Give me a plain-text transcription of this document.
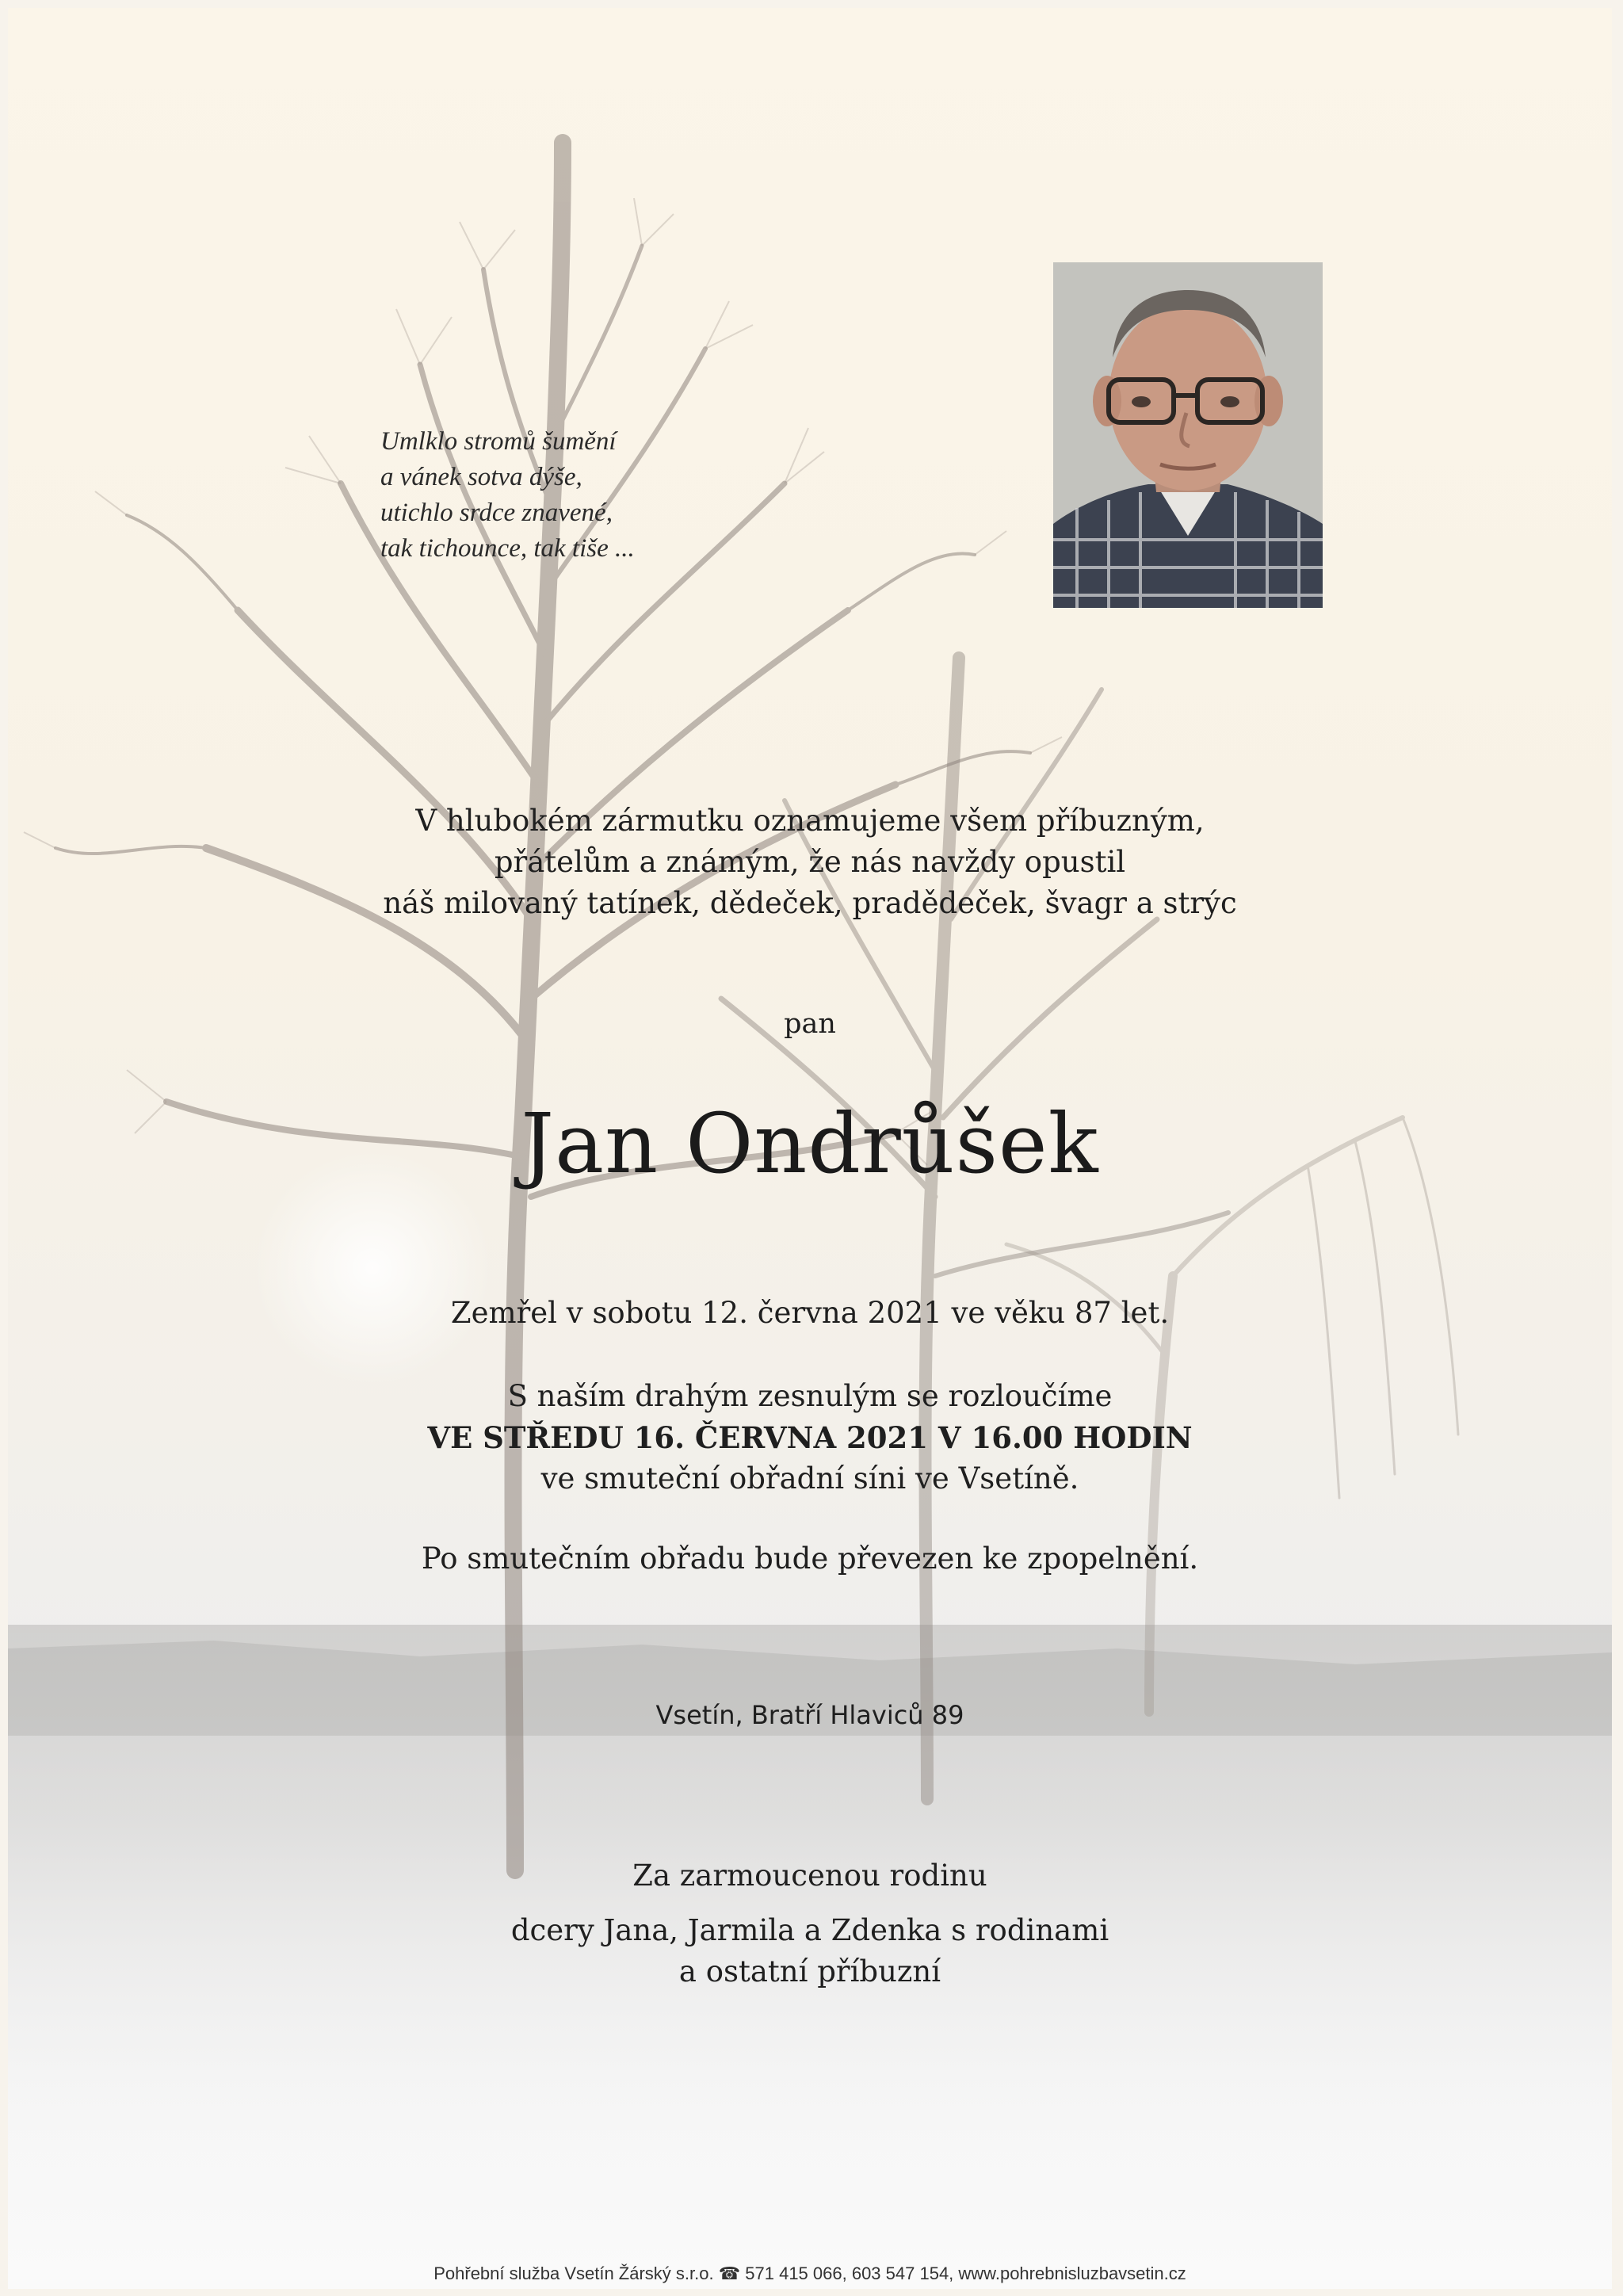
Umlklo stromů šumění
a vánek sotva dýše,
utichlo srdce znavené,
tak tichounce, tak tiše ...
V hlubokém zármutku oznamujeme všem příbuzným,
přátelům a známým, že nás navždy opustil
náš milovaný tatínek, dědeček, pradědeček, švagr a strýc
pan
Jan Ondrůšek
Zemřel v sobotu 12. června 2021 ve věku 87 let.
S naším drahým zesnulým se rozloučíme
VE STŘEDU 16. ČERVNA 2021 V 16.00 HODIN
ve smuteční obřadní síni ve Vsetíně.
Po smutečním obřadu bude převezen ke zpopelnění.
Vsetín, Bratří Hlaviců 89
Za zarmoucenou rodinu
dcery Jana, Jarmila a Zdenka s rodinami
a ostatní příbuzní
Pohřební služba Vsetín Žárský s.r.o. ☎ 571 415 066, 603 547 154, www.pohrebnisluzbavsetin.cz
